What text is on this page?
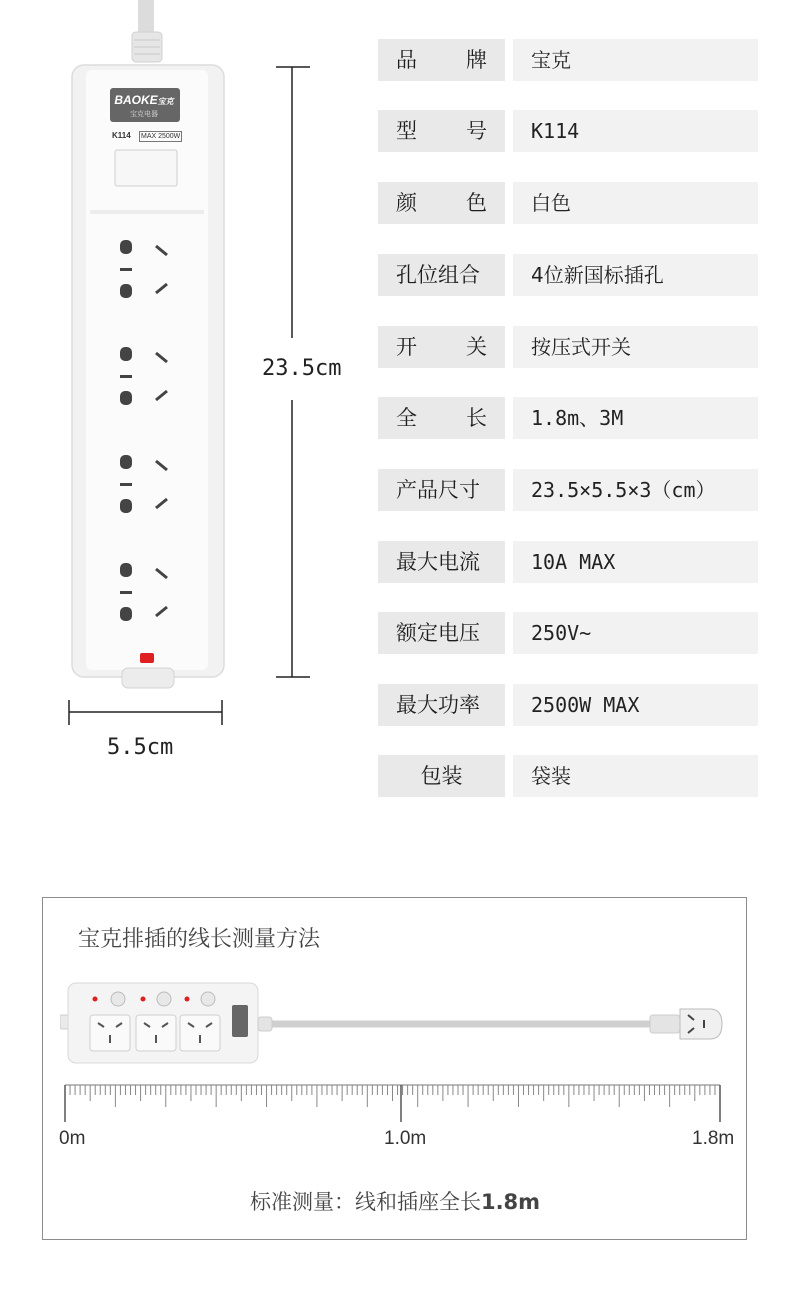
BAOKE宝克
宝克电器
K114 MAX 2500W
23.5cm
5.5cm
品 牌	宝克
型 号	K114
颜 色	白色
孔位组合	4位新国标插孔
开 关	按压式开关
全 长	1.8m、3M
产品尺寸	23.5×5.5×3（cm）
最大电流	10A MAX
额定电压	250V~
最大功率	2500W MAX
包装	袋装
宝克排插的线长测量方法
0m	1.0m	1.8m
标准测量：线和插座全长1.8m
